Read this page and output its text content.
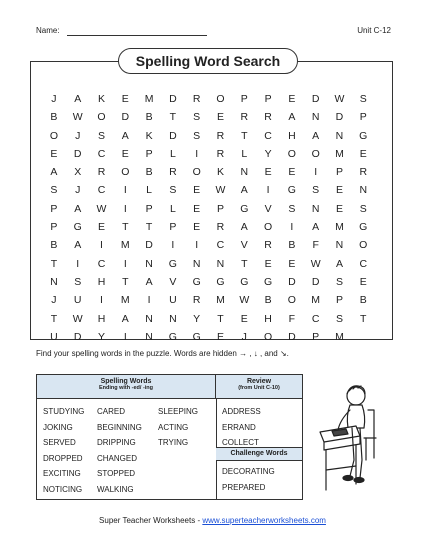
Name:	Unit C-12
Spelling Word Search
J	A	K	E	M	D	R	O	P	P	E	D	W	S
B	W	O	D	B	T	S	E	R	R	A	N	D	P
O	J	S	A	K	D	S	R	T	C	H	A	N	G
E	D	C	E	P	L	I	R	L	Y	O	O	M	E
A	X	R	O	B	R	O	K	N	E	E	I	P	R
S	J	C	I	L	S	E	W	A	I	G	S	E	N
P	A	W	I	P	L	E	P	G	V	S	N	E	S
P	G	E	T	T	P	E	R	A	O	I	A	M	G
B	A	I	M	D	I	I	C	V	R	B	F	N	O
T	I	C	I	N	G	N	N	T	E	E	W	A	C
N	S	H	T	A	V	G	G	G	G	D	D	S	E
J	U	I	M	I	U	R	M	W	B	O	M	P	B
T	W	H	A	N	N	Y	T	E	H	F	C	S	T
U	D	Y	I	N	G	G	E	J	O	D	P	M
Find your spelling words in the puzzle. Words are hidden → , ↓ , and ↘.
Spelling Words
Ending with -ed/ -ing
Review
(from Unit C-10)
STUDYING
JOKING
SERVED
DROPPED
EXCITING
NOTICING
CARED
BEGINNING
DRIPPING
CHANGED
STOPPED
WALKING
SLEEPING
ACTING
TRYING
ADDRESS
ERRAND
COLLECT
Challenge Words
DECORATING
PREPARED
Super Teacher Worksheets - www.superteacherworksheets.com
